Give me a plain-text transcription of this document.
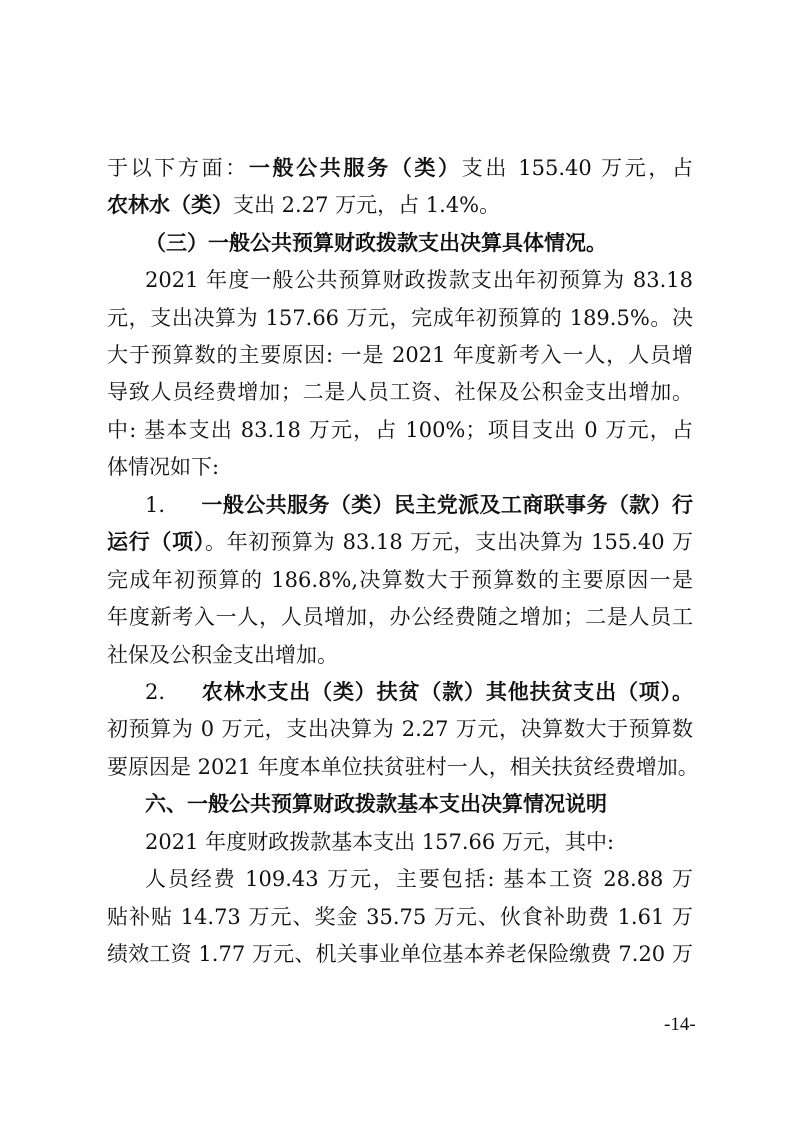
于以下方面：一般公共服务（类）支出 155.40 万元，占
农林水（类）支出 2.27 万元，占 1.4%。
（三）一般公共预算财政拨款支出决算具体情况。
2021 年度一般公共预算财政拨款支出年初预算为 83.18
元，支出决算为 157.66 万元，完成年初预算的 189.5%。决
大于预算数的主要原因: 一是 2021 年度新考入一人，人员增
导致人员经费增加；二是人员工资、社保及公积金支出增加。
中: 基本支出 83.18 万元，占 100%；项目支出 0 万元，占
体情况如下:
1. 一般公共服务（类）民主党派及工商联事务（款）行
运行（项）。年初预算为 83.18 万元，支出决算为 155.40 万
完成年初预算的 186.8%,决算数大于预算数的主要原因一是
年度新考入一人，人员增加，办公经费随之增加；二是人员工
社保及公积金支出增加。
2. 农林水支出（类）扶贫（款）其他扶贫支出（项）。
初预算为 0 万元，支出决算为 2.27 万元，决算数大于预算数
要原因是 2021 年度本单位扶贫驻村一人，相关扶贫经费增加。
六、一般公共预算财政拨款基本支出决算情况说明
2021 年度财政拨款基本支出 157.66 万元，其中:
人员经费 109.43 万元，主要包括: 基本工资 28.88 万
贴补贴 14.73 万元、奖金 35.75 万元、伙食补助费 1.61 万
绩效工资 1.77 万元、机关事业单位基本养老保险缴费 7.20 万
-14-
